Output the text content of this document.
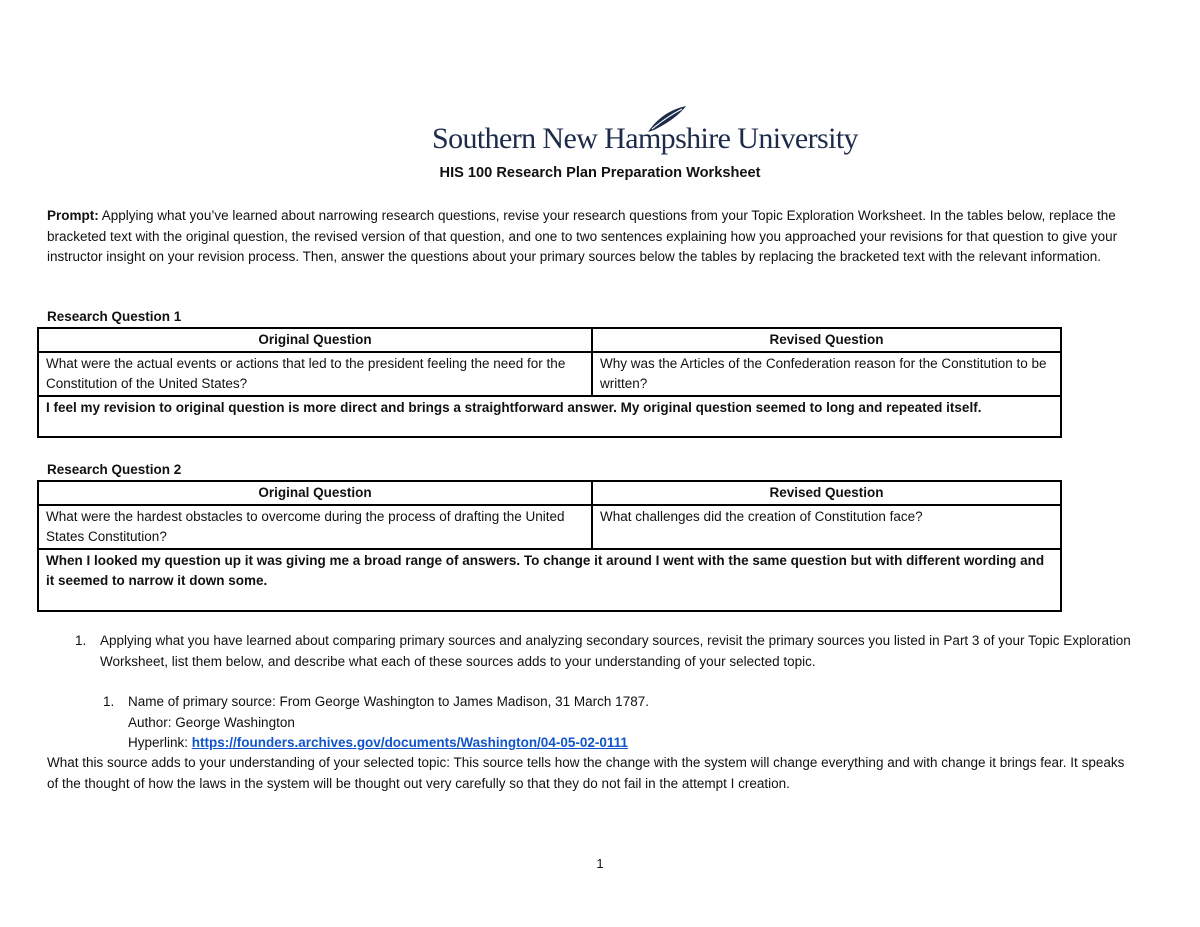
Southern New Hampshire University
HIS 100 Research Plan Preparation Worksheet
Prompt: Applying what you’ve learned about narrowing research questions, revise your research questions from your Topic Exploration Worksheet. In the tables below, replace the bracketed text with the original question, the revised version of that question, and one to two sentences explaining how you approached your revisions for that question to give your instructor insight on your revision process. Then, answer the questions about your primary sources below the tables by replacing the bracketed text with the relevant information.
Research Question 1
Original Question	Revised Question
What were the actual events or actions that led to the president feeling the need for the Constitution of the United States?	Why was the Articles of the Confederation reason for the Constitution to be written?
I feel my revision to original question is more direct and brings a straightforward answer. My original question seemed to long and repeated itself.	
Research Question 2
Original Question	Revised Question
What were the hardest obstacles to overcome during the process of drafting the United States Constitution?	What challenges did the creation of Constitution face?
When I looked my question up it was giving me a broad range of answers. To change it around I went with the same question but with different wording and it seemed to narrow it down some.	
1. Applying what you have learned about comparing primary sources and analyzing secondary sources, revisit the primary sources you listed in Part 3 of your Topic Exploration Worksheet, list them below, and describe what each of these sources adds to your understanding of your selected topic.
1. Name of primary source: From George Washington to James Madison, 31 March 1787.
Author: George Washington
Hyperlink: https://founders.archives.gov/documents/Washington/04-05-02-0111
What this source adds to your understanding of your selected topic: This source tells how the change with the system will change everything and with change it brings fear. It speaks of the thought of how the laws in the system will be thought out very carefully so that they do not fail in the attempt I creation.
1
